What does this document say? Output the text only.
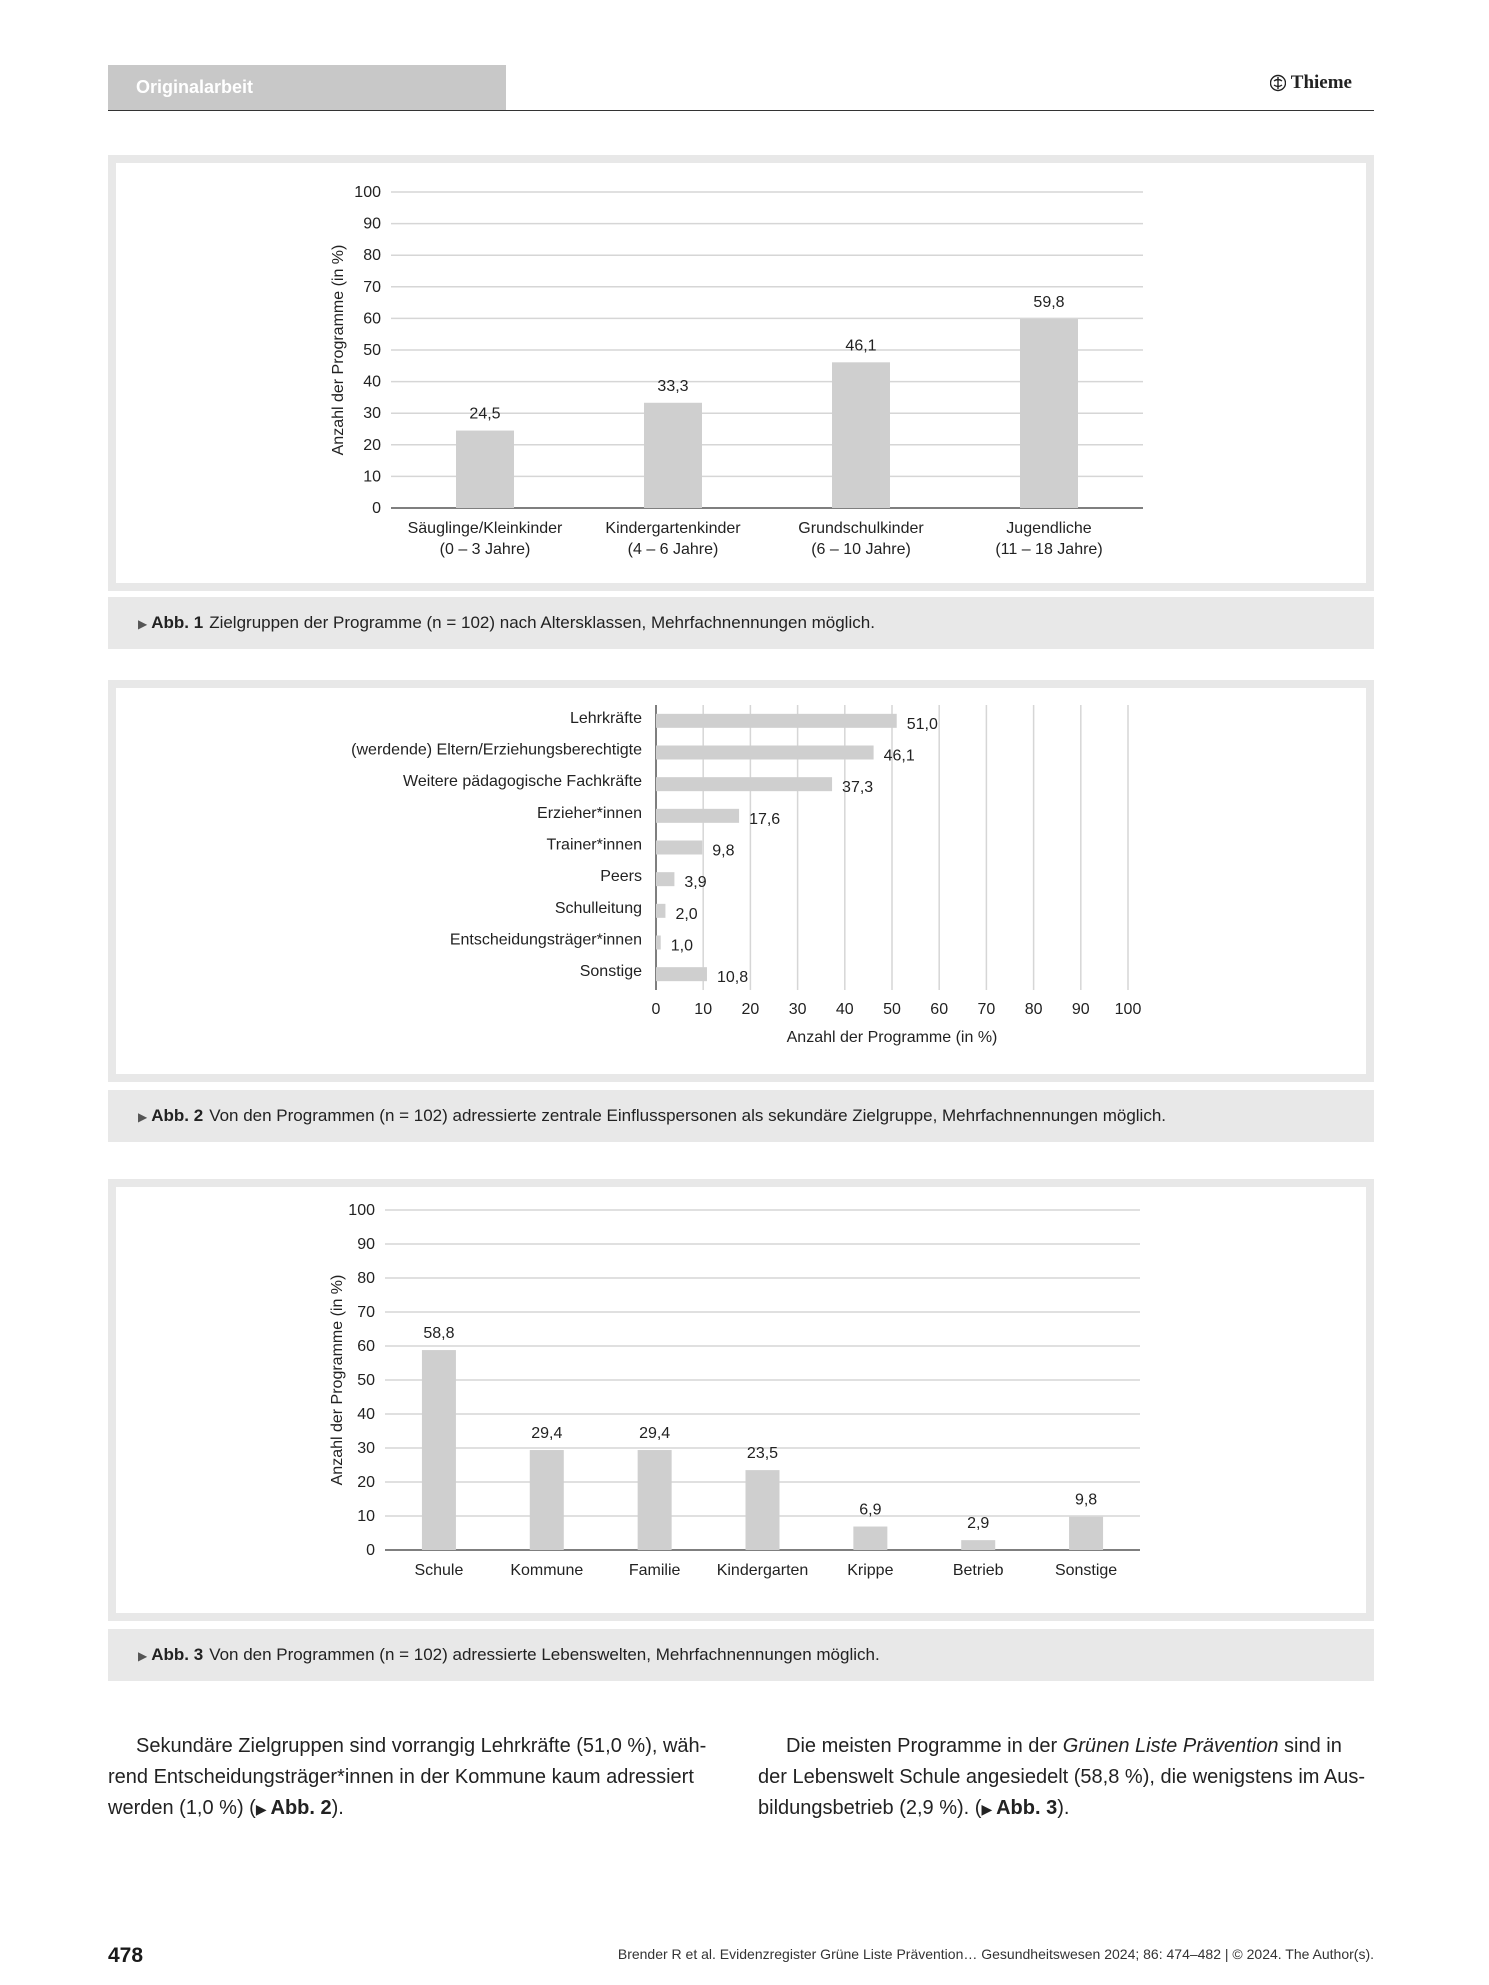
Originalarbeit	Thieme
0
10
20
30
40
50
60
70
80
90
100
24,5
Säuglinge/Kleinkinder
(0 – 3 Jahre)
33,3
Kindergartenkinder
(4 – 6 Jahre)
46,1
Grundschulkinder
(6 – 10 Jahre)
59,8
Jugendliche
(11 – 18 Jahre)
Anzahl der Programme (in %)
▶ Abb. 1 Zielgruppen der Programme (n = 102) nach Altersklassen, Mehrfachnennungen möglich.
0 10 20 30 40 50 60 70 80 90 100
51,0
Lehrkräfte
46,1
(werdende) Eltern/Erziehungsberechtigte
37,3
Weitere pädagogische Fachkräfte
17,6
Erzieher*innen
9,8
Trainer*innen
3,9
Peers
2,0
Schulleitung
1,0
Entscheidungsträger*innen
10,8
Sonstige
Anzahl der Programme (in %)
▶ Abb. 2 Von den Programmen (n = 102) adressierte zentrale Einflusspersonen als sekundäre Zielgruppe, Mehrfachnennungen möglich.
0
10
20
30
40
50
60
70
80
90
100
58,8
Schule
29,4
Kommune
29,4
Familie
23,5
Kindergarten
6,9
Krippe
2,9
Betrieb
9,8
Sonstige
Anzahl der Programme (in %)
▶ Abb. 3 Von den Programmen (n = 102) adressierte Lebenswelten, Mehrfachnennungen möglich.
Sekundäre Zielgruppen sind vorrangig Lehrkräfte (51,0 %), wäh-
rend Entscheidungsträger*innen in der Kommune kaum adressiert
werden (1,0 %) (▶ Abb. 2).
Die meisten Programme in der Grünen Liste Prävention sind in
der Lebenswelt Schule angesiedelt (58,8 %), die wenigstens im Aus-
bildungsbetrieb (2,9 %). (▶ Abb. 3).
478	Brender R et al. Evidenzregister Grüne Liste Prävention… Gesundheitswesen 2024; 86: 474–482 | © 2024. The Author(s).
